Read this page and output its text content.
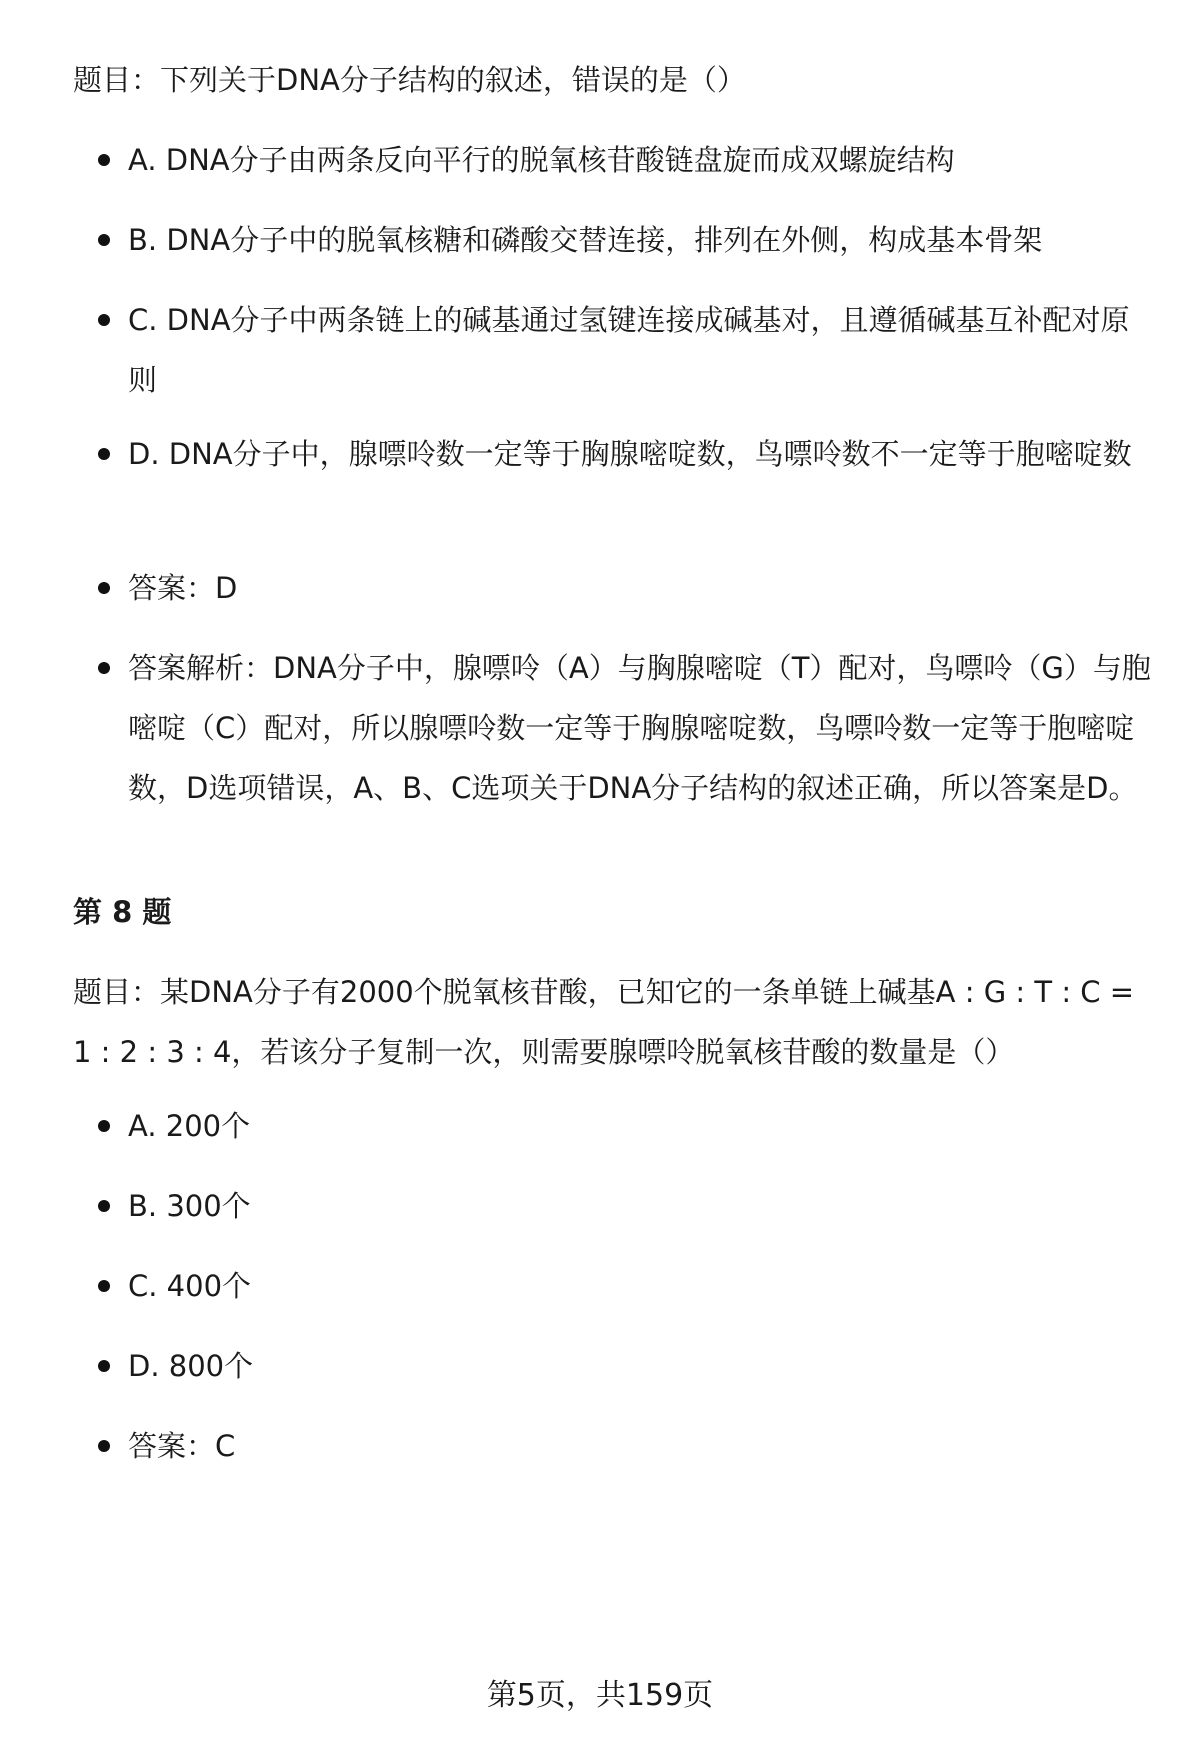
题目：下列关于DNA分子结构的叙述，错误的是（）

A. DNA分子由两条反向平行的脱氧核苷酸链盘旋而成双螺旋结构
B. DNA分子中的脱氧核糖和磷酸交替连接，排列在外侧，构成基本骨架
C. DNA分子中两条链上的碱基通过氢键连接成碱基对，且遵循碱基互补配对原则
D. DNA分子中，腺嘌呤数一定等于胸腺嘧啶数，鸟嘌呤数不一定等于胞嘧啶数
答案：D
答案解析：DNA分子中，腺嘌呤（A）与胸腺嘧啶（T）配对，鸟嘌呤（G）与胞嘧啶（C）配对，所以腺嘌呤数一定等于胸腺嘧啶数，鸟嘌呤数一定等于胞嘧啶数，D选项错误，A、B、C选项关于DNA分子结构的叙述正确，所以答案是D。

第 8 题

题目：某DNA分子有2000个脱氧核苷酸，已知它的一条单链上碱基A : G : T : C = 1 : 2 : 3 : 4，若该分子复制一次，则需要腺嘌呤脱氧核苷酸的数量是（）

A. 200个
B. 300个
C. 400个
D. 800个
答案：C

第5页，共159页
